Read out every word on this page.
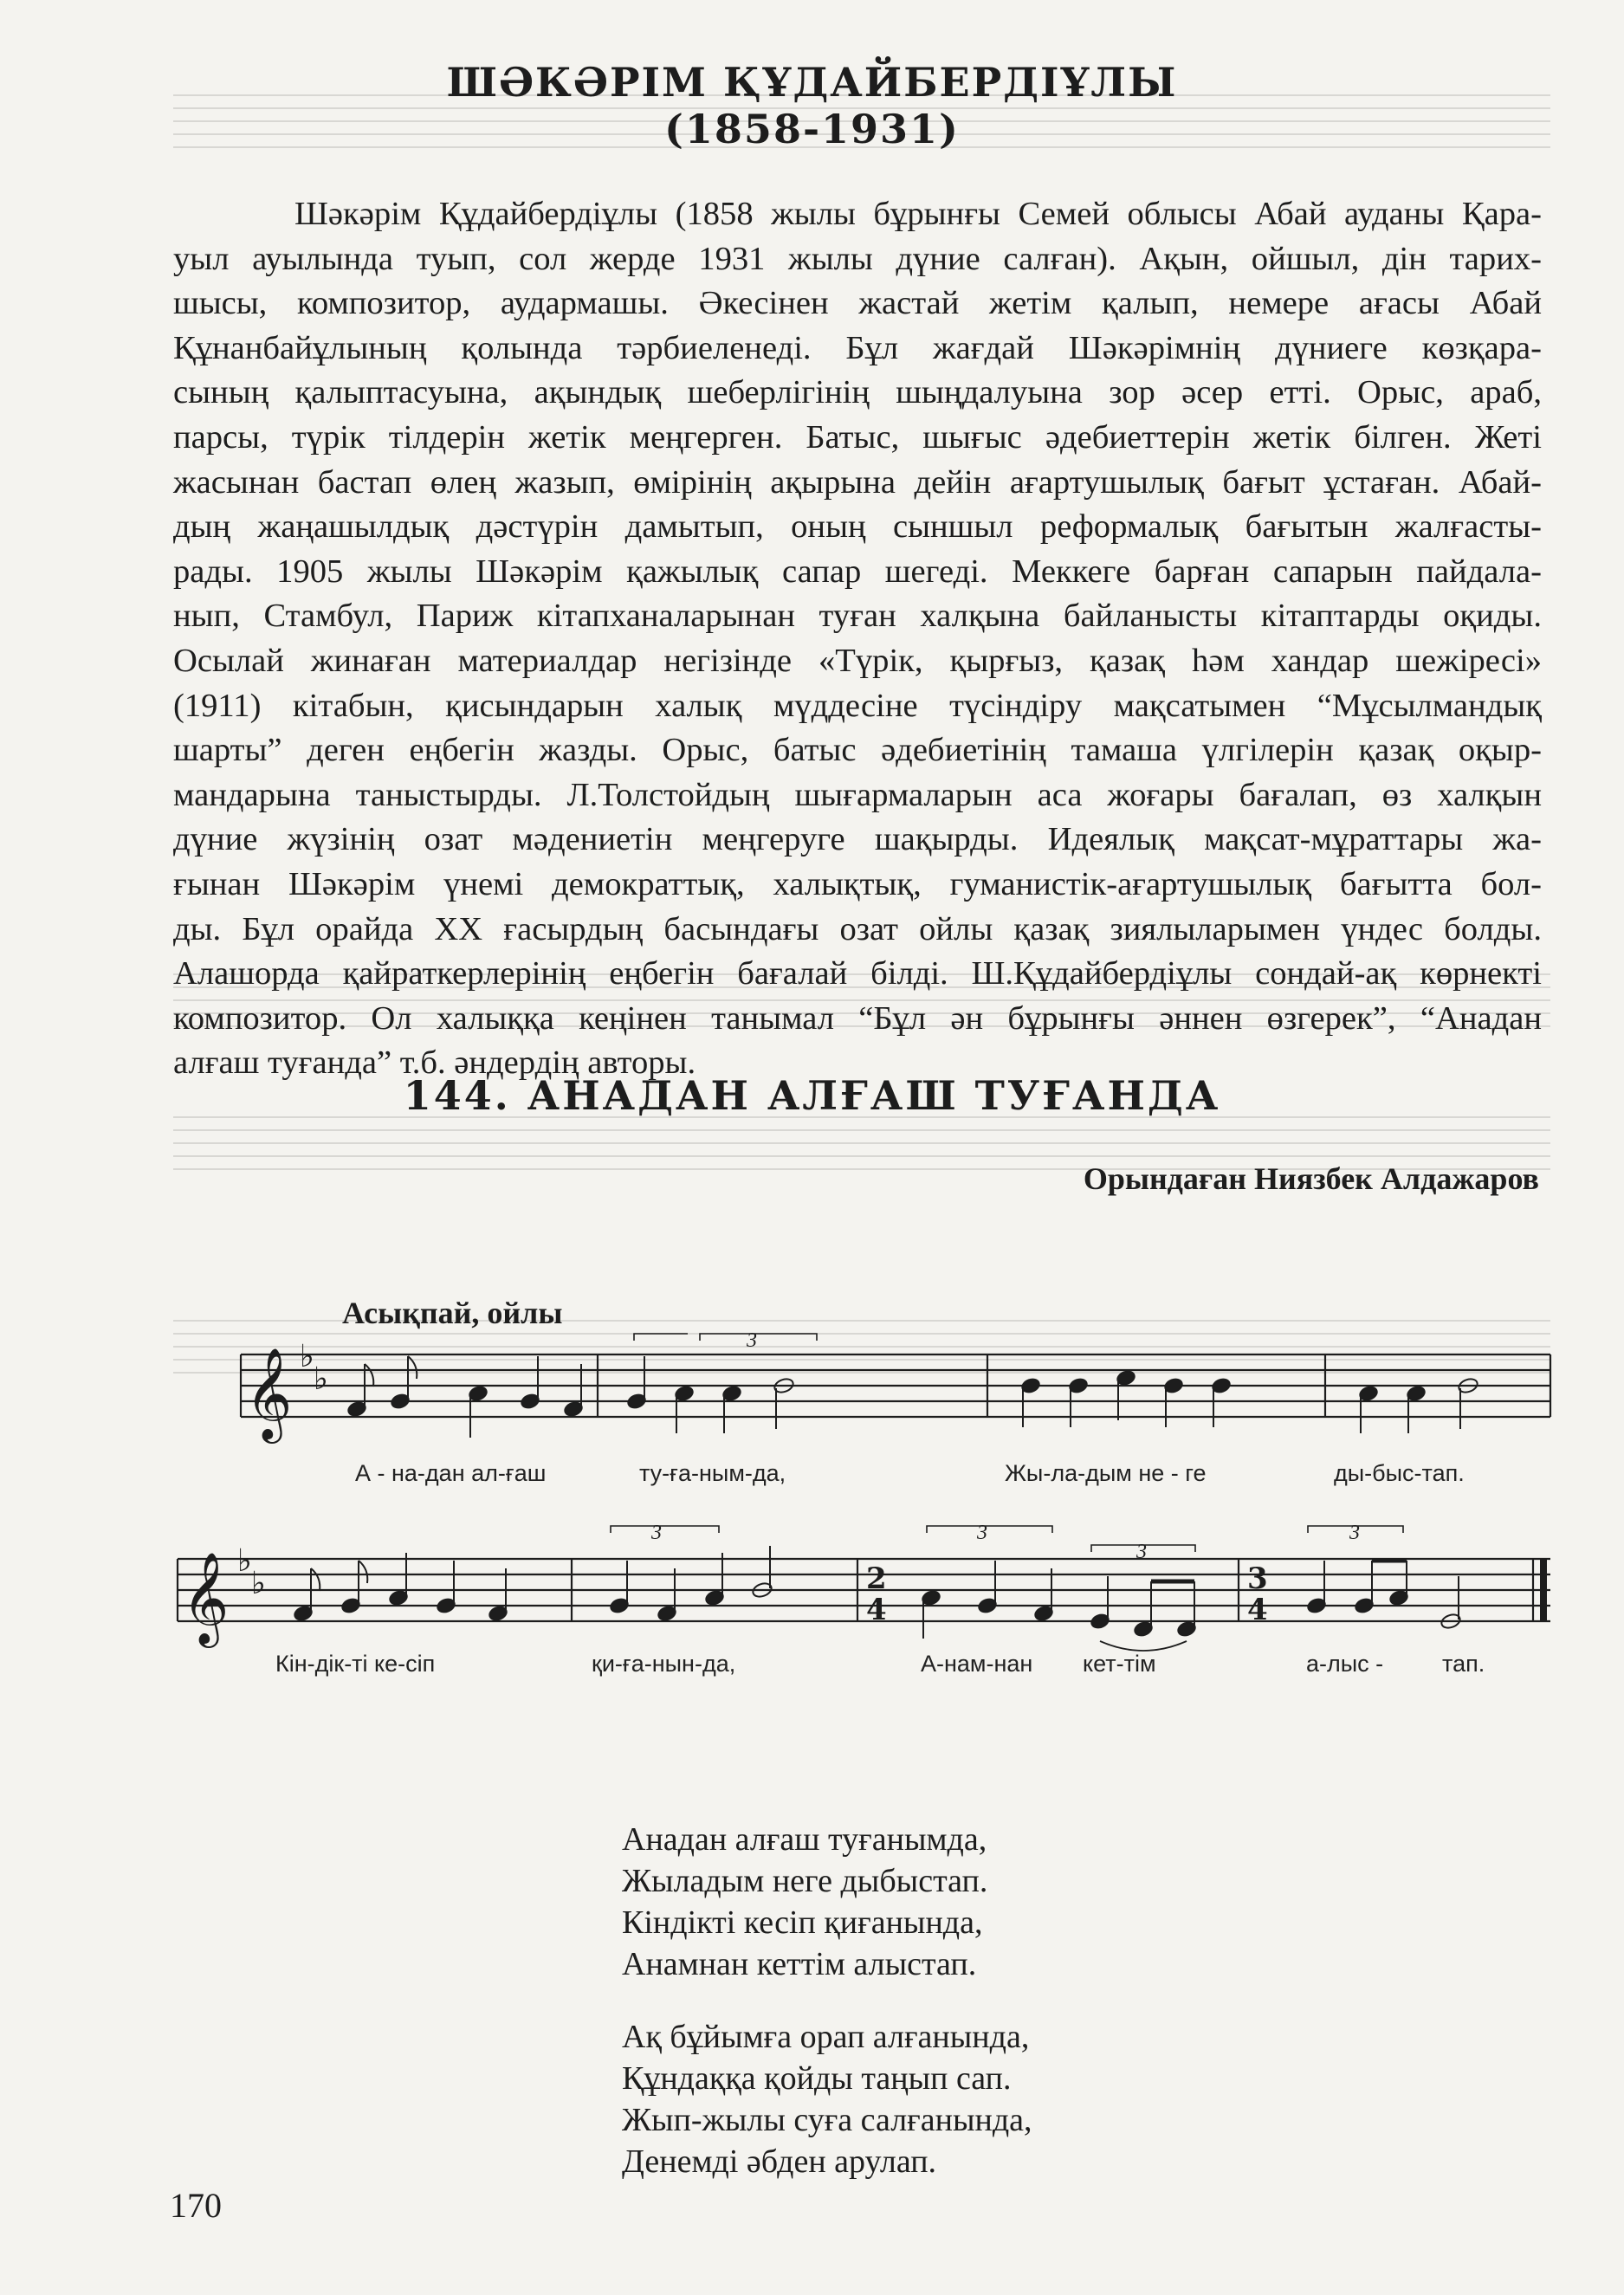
ШӘКӘРІМ ҚҰДАЙБЕРДІҰЛЫ
(1858-1931)

Шәкәрім Құдайбердіұлы (1858 жылы бұрынғы Семей облысы Абай ауданы Қара-
уыл ауылында туып, сол жерде 1931 жылы дүние салған). Ақын, ойшыл, дін тарих-
шысы, композитор, аудармашы. Әкесінен жастай жетім қалып, немере ағасы Абай
Құнанбайұлының қолында тәрбиеленеді. Бұл жағдай Шәкәрімнің дүниеге көзқара-
сының қалыптасуына, ақындық шеберлігінің шыңдалуына зор әсер етті. Орыс, араб,
парсы, түрік тілдерін жетік меңгерген. Батыс, шығыс әдебиеттерін жетік білген. Жеті
жасынан бастап өлең жазып, өмірінің ақырына дейін ағартушылық бағыт ұстаған. Абай-
дың жаңашылдық дәстүрін дамытып, оның сыншыл реформалық бағытын жалғасты-
рады. 1905 жылы Шәкәрім қажылық сапар шегеді. Меккеге барған сапарын пайдала-
нып, Стамбул, Париж кітапханаларынан туған халқына байланысты кітаптарды оқиды.
Осылай жинаған материалдар негізінде «Түрік, қырғыз, қазақ һәм хандар шежіресі»
(1911) кітабын, қисындарын халық мүддесіне түсіндіру мақсатымен “Мұсылмандық
шарты” деген еңбегін жазды. Орыс, батыс әдебиетінің тамаша үлгілерін қазақ оқыр-
мандарына таныстырды. Л.Толстойдың шығармаларын аса жоғары бағалап, өз халқын
дүние жүзінің озат мәдениетін меңгеруге шақырды. Идеялық мақсат-мұраттары жа-
ғынан Шәкәрім үнемі демократтық, халықтық, гуманистік-ағартушылық бағытта бол-
ды. Бұл орайда XX ғасырдың басындағы озат ойлы қазақ зиялыларымен үндес болды.
Алашорда қайраткерлерінің еңбегін бағалай білді. Ш.Құдайбердіұлы сондай-ақ көрнекті
композитор. Ол халыққа кеңінен танымал “Бұл ән бұрынғы әннен өзгерек”, “Анадан
алғаш туғанда” т.б. әндердің авторы.

144. АНАДАН АЛҒАШ ТУҒАНДА
Орындаған Ниязбек Алдажаров
Асықпай, ойлы
𝄞
𝄞
♭
♭
♭
♭	2
4
3
4
3
3	3
3
3
А - на-дан ал-ғаш	ту-ға-ным-да,	Жы-ла-дым не - ге	ды-быс-тап.
Кін-дік-ті ке-сіп	қи-ға-нын-да,	А-нам-нан кет-тім	а-лыс -	тап.
Анадан алғаш туғанымда,
Жыладым неге дыбыстап.
Кіндікті кесіп қиғанында,
Анамнан кеттім алыстап.
Ақ бұйымға орап алғанында,
Құндаққа қойды таңып сап.
Жып-жылы суға салғанында,
Денемді әбден арулап.
170
